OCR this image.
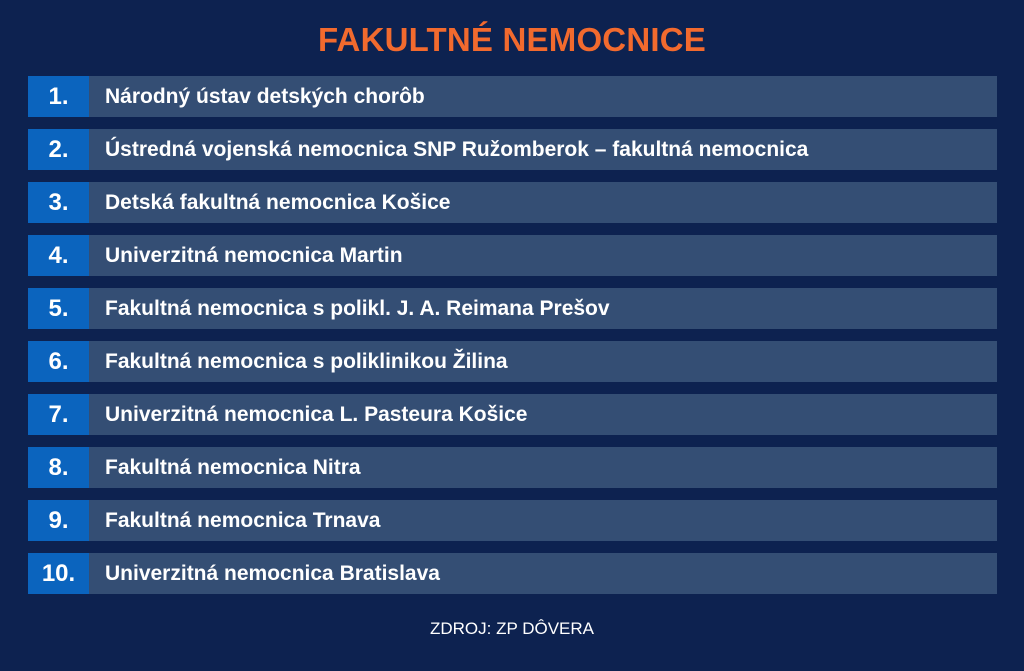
FAKULTNÉ NEMOCNICE
1.	Národný ústav detských chorôb
2.	Ústredná vojenská nemocnica SNP Ružomberok – fakultná nemocnica
3.	Detská fakultná nemocnica Košice
4.	Univerzitná nemocnica Martin
5.	Fakultná nemocnica s polikl. J. A. Reimana Prešov
6.	Fakultná nemocnica s poliklinikou Žilina
7.	Univerzitná nemocnica L. Pasteura Košice
8.	Fakultná nemocnica Nitra
9.	Fakultná nemocnica Trnava
10.	Univerzitná nemocnica Bratislava
ZDROJ: ZP DÔVERA
